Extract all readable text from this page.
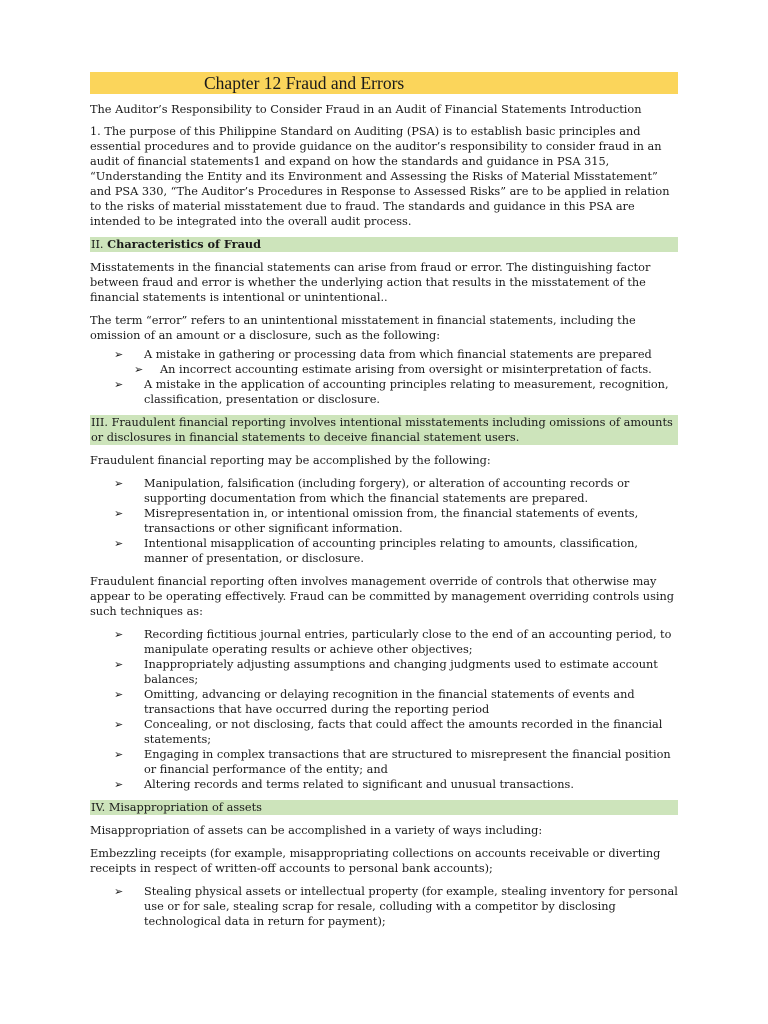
Chapter 12 Fraud and Errors

The Auditor’s Responsibility to Consider Fraud in an Audit of Financial Statements Introduction

1. The purpose of this Philippine Standard on Auditing (PSA) is to establish basic principles and essential procedures and to provide guidance on the auditor’s responsibility to consider fraud in an audit of financial statements1 and expand on how the standards and guidance in PSA 315, “Understanding the Entity and its Environment and Assessing the Risks of Material Misstatement” and PSA 330, “The Auditor’s Procedures in Response to Assessed Risks” are to be applied in relation to the risks of material misstatement due to fraud. The standards and guidance in this PSA are intended to be integrated into the overall audit process.

II. Characteristics of Fraud

Misstatements in the financial statements can arise from fraud or error. The distinguishing factor between fraud and error is whether the underlying action that results in the misstatement of the financial statements is intentional or unintentional..

The term “error” refers to an unintentional misstatement in financial statements, including the omission of an amount or a disclosure, such as the following:

➢ A mistake in gathering or processing data from which financial statements are prepared
➢ An incorrect accounting estimate arising from oversight or misinterpretation of facts.
➢ A mistake in the application of accounting principles relating to measurement, recognition, classification, presentation or disclosure.
III. Fraudulent financial reporting involves intentional misstatements including omissions of amounts or disclosures in financial statements to deceive financial statement users.

Fraudulent financial reporting may be accomplished by the following:

➢ Manipulation, falsification (including forgery), or alteration of accounting records or supporting documentation from which the financial statements are prepared.
➢ Misrepresentation in, or intentional omission from, the financial statements of events, transactions or other significant information.
➢ Intentional misapplication of accounting principles relating to amounts, classification, manner of presentation, or disclosure.

Fraudulent financial reporting often involves management override of controls that otherwise may appear to be operating effectively. Fraud can be committed by management overriding controls using such techniques as:

➢ Recording fictitious journal entries, particularly close to the end of an accounting period, to manipulate operating results or achieve other objectives;
➢ Inappropriately adjusting assumptions and changing judgments used to estimate account balances;
➢ Omitting, advancing or delaying recognition in the financial statements of events and transactions that have occurred during the reporting period
➢ Concealing, or not disclosing, facts that could affect the amounts recorded in the financial statements;
➢ Engaging in complex transactions that are structured to misrepresent the financial position or financial performance of the entity; and
➢ Altering records and terms related to significant and unusual transactions.
IV. Misappropriation of assets

Misappropriation of assets can be accomplished in a variety of ways including:

Embezzling receipts (for example, misappropriating collections on accounts receivable or diverting receipts in respect of written-off accounts to personal bank accounts);

➢ Stealing physical assets or intellectual property (for example, stealing inventory for personal use or for sale, stealing scrap for resale, colluding with a competitor by disclosing technological data in return for payment);
